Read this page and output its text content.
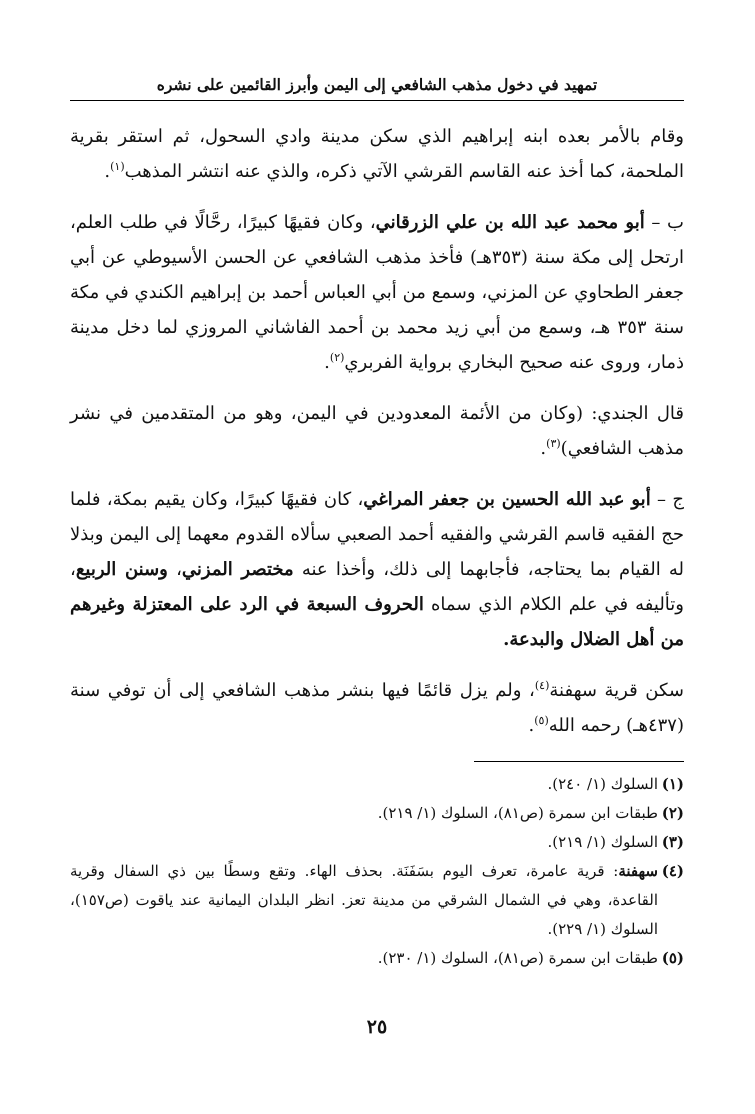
تمهيد في دخول مذهب الشافعي إلى اليمن وأبرز القائمين على نشره

وقام بالأمر بعده ابنه إبراهيم الذي سكن مدينة وادي السحول، ثم استقر بقرية الملحمة، كما أخذ عنه القاسم القرشي الآتي ذكره، والذي عنه انتشر المذهب$^{(١)}$.

ب – أبو محمد عبد الله بن علي الزرقاني، وكان فقيهًا كبيرًا، رحَّالًا في طلب العلم، ارتحل إلى مكة سنة (٣٥٣هـ) فأخذ مذهب الشافعي عن الحسن الأسيوطي عن أبي جعفر الطحاوي عن المزني، وسمع من أبي العباس أحمد بن إبراهيم الكندي في مكة سنة ٣٥٣ هـ، وسمع من أبي زيد محمد بن أحمد الفاشاني المروزي لما دخل مدينة ذمار، وروى عنه صحيح البخاري برواية الفربري$^{(٢)}$.

قال الجندي: (وكان من الأئمة المعدودين في اليمن، وهو من المتقدمين في نشر مذهب الشافعي)$^{(٣)}$.

ج – أبو عبد الله الحسين بن جعفر المراغي، كان فقيهًا كبيرًا، وكان يقيم بمكة، فلما حج الفقيه قاسم القرشي والفقيه أحمد الصعبي سألاه القدوم معهما إلى اليمن وبذلا له القيام بما يحتاجه، فأجابهما إلى ذلك، وأخذا عنه مختصر المزني، وسنن الربيع، وتأليفه في علم الكلام الذي سماه الحروف السبعة في الرد على المعتزلة وغيرهم من أهل الضلال والبدعة.

سكن قرية سهفنة$^{(٤)}$، ولم يزل قائمًا فيها بنشر مذهب الشافعي إلى أن توفي سنة (٤٣٧هـ) رحمه الله$^{(٥)}$.

(١)
السلوك (١/ ٢٤٠).
(٢)
طبقات ابن سمرة (ص٨١)، السلوك (١/ ٢١٩).
(٣)
السلوك (١/ ٢١٩).
(٤)
سهفنة: قرية عامرة، تعرف اليوم بسَفَنَة. بحذف الهاء. وتقع وسطًا بين ذي السفال وقرية القاعدة، وهي في الشمال الشرقي من مدينة تعز. انظر البلدان اليمانية عند ياقوت (ص١٥٧)، السلوك (١/ ٢٢٩).
(٥)
طبقات ابن سمرة (ص٨١)، السلوك (١/ ٢٣٠).
٢٥
